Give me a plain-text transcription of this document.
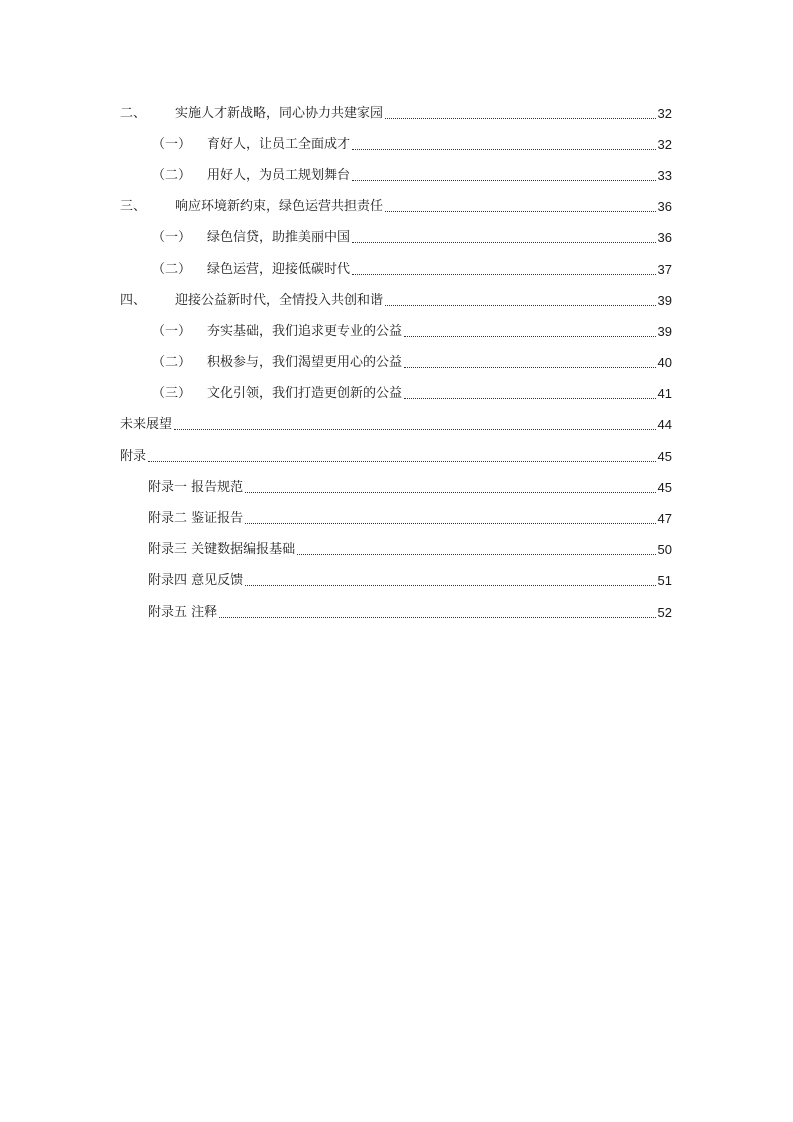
二、	实施人才新战略，同心协力共建家园	32
（一）	育好人，让员工全面成才	32
（二）	用好人，为员工规划舞台	33
三、	响应环境新约束，绿色运营共担责任	36
（一）	绿色信贷，助推美丽中国	36
（二）	绿色运营，迎接低碳时代	37
四、	迎接公益新时代，全情投入共创和谐	39
（一）	夯实基础，我们追求更专业的公益	39
（二）	积极参与，我们渴望更用心的公益	40
（三）	文化引领，我们打造更创新的公益	41
未来展望	44
附录	45
附录一 报告规范	45
附录二 鉴证报告	47
附录三 关键数据编报基础	50
附录四 意见反馈	51
附录五 注释	52
